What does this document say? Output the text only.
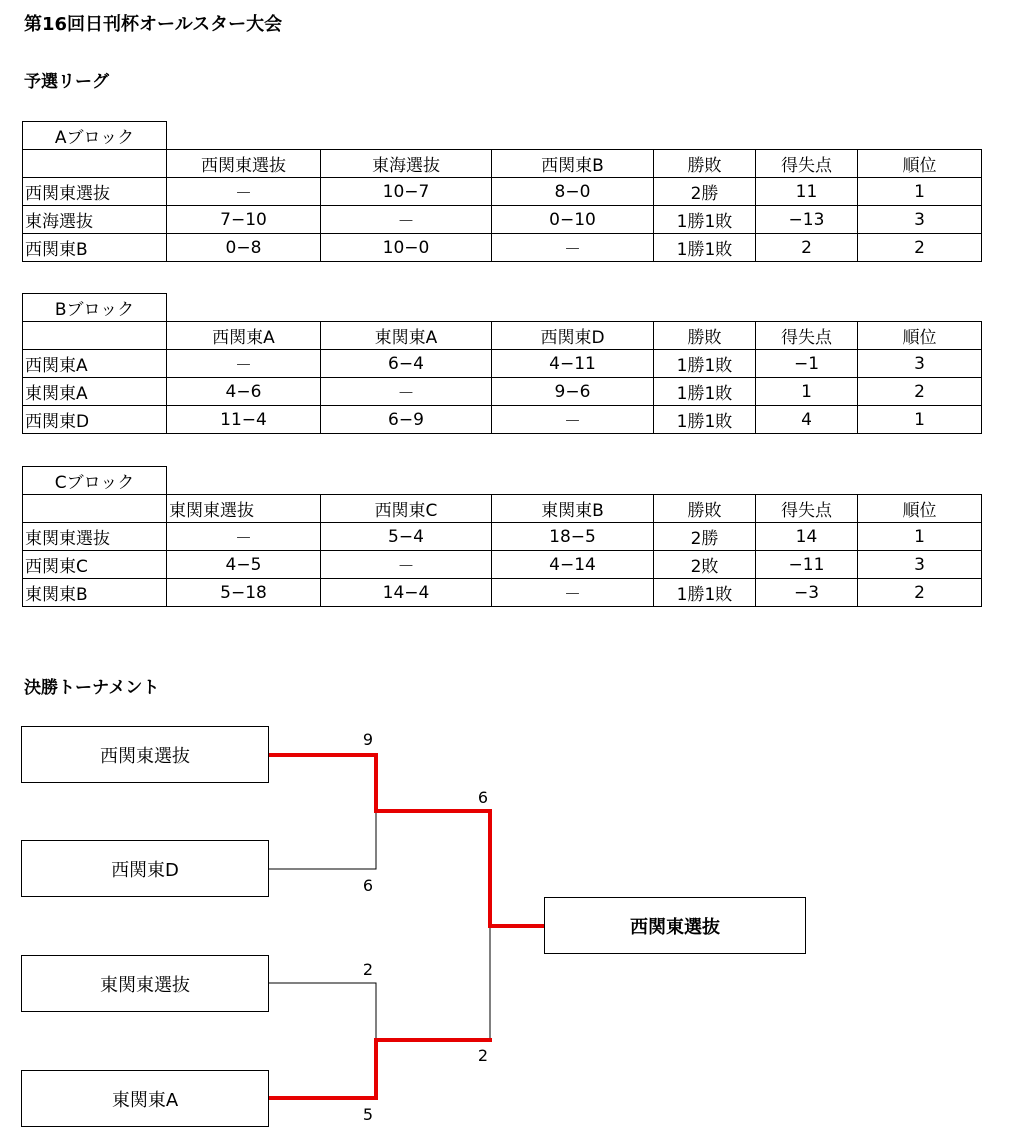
第16回日刊杯オールスター大会
予選リーグ
Aブロック						
	西関東選抜	東海選抜	西関東B	勝敗	得失点	順位
西関東選抜	－	10−7	8−0	2勝	11	1
東海選抜	7−10	－	0−10	1勝1敗	−13	3
西関東B	0−8	10−0	－	1勝1敗	2	2
Bブロック						
	西関東A	東関東A	西関東D	勝敗	得失点	順位
西関東A	－	6−4	4−11	1勝1敗	−1	3
東関東A	4−6	－	9−6	1勝1敗	1	2
西関東D	11−4	6−9	－	1勝1敗	4	1
Cブロック						
	東関東選抜	西関東C	東関東B	勝敗	得失点	順位
東関東選抜	－	5−4	18−5	2勝	14	1
西関東C	4−5	－	4−14	2敗	−11	3
東関東B	5−18	14−4	－	1勝1敗	−3	2
決勝トーナメント
西関東選抜
西関東D
東関東選抜
東関東A
西関東選抜
9
6
2
5
6
2
